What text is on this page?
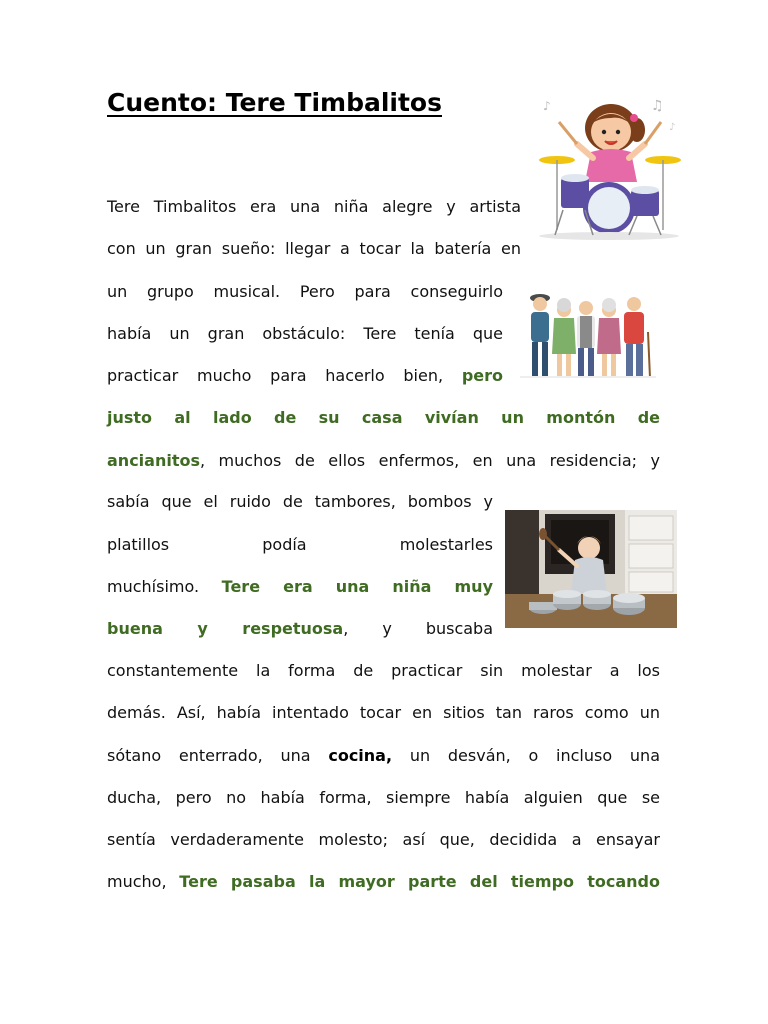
Cuento: Tere Timbalitos
Tere Timbalitos era una niña alegre y artista
con un gran sueño: llegar a tocar la batería en
un grupo musical. Pero para conseguirlo
había un gran obstáculo: Tere tenía que
practicar mucho para hacerlo bien, pero
justo al lado de su casa vivían un montón de
ancianitos, muchos de ellos enfermos, en una residencia; y
sabía que el ruido de tambores, bombos y
platillos podía molestarles
muchísimo. Tere era una niña muy
buena y respetuosa, y buscaba
constantemente la forma de practicar sin molestar a los
demás. Así, había intentado tocar en sitios tan raros como un
sótano enterrado, una cocina, un desván, o incluso una
ducha, pero no había forma, siempre había alguien que se
sentía verdaderamente molesto; así que, decidida a ensayar
mucho, Tere pasaba la mayor parte del tiempo tocando
♪	♫
♪
